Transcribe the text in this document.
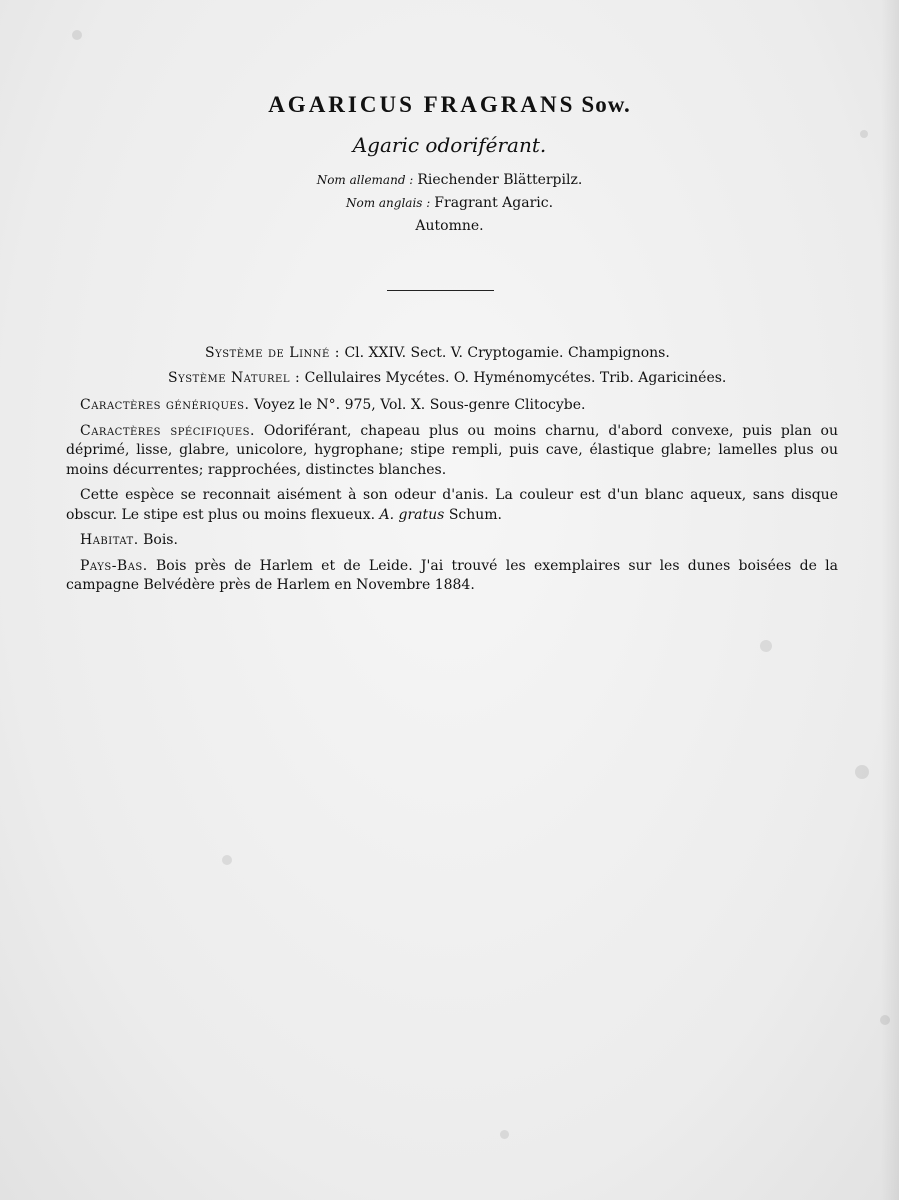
AGARICUS FRAGRANS Sow.
Agaric odoriférant.
Nom allemand : Riechender Blätterpilz.
Nom anglais : Fragrant Agaric.
Automne.
Système de Linné : Cl. XXIV. Sect. V. Cryptogamie. Champignons.
Système Naturel : Cellulaires Mycétes. O. Hyménomycétes. Trib. Agaricinées.

Caractères génériques. Voyez le N°. 975, Vol. X. Sous-genre Clitocybe.

Caractères spécifiques. Odoriférant, chapeau plus ou moins charnu, d'abord convexe, puis plan ou déprimé, lisse, glabre, unicolore, hygrophane; stipe rempli, puis cave, élastique glabre; lamelles plus ou moins décurrentes; rapprochées, distinctes blanches.

Cette espèce se reconnait aisément à son odeur d'anis. La couleur est d'un blanc aqueux, sans disque obscur. Le stipe est plus ou moins flexueux. A. gratus Schum.

Habitat. Bois.

Pays-Bas. Bois près de Harlem et de Leide. J'ai trouvé les exemplaires sur les dunes boisées de la campagne Belvédère près de Harlem en Novembre 1884.
